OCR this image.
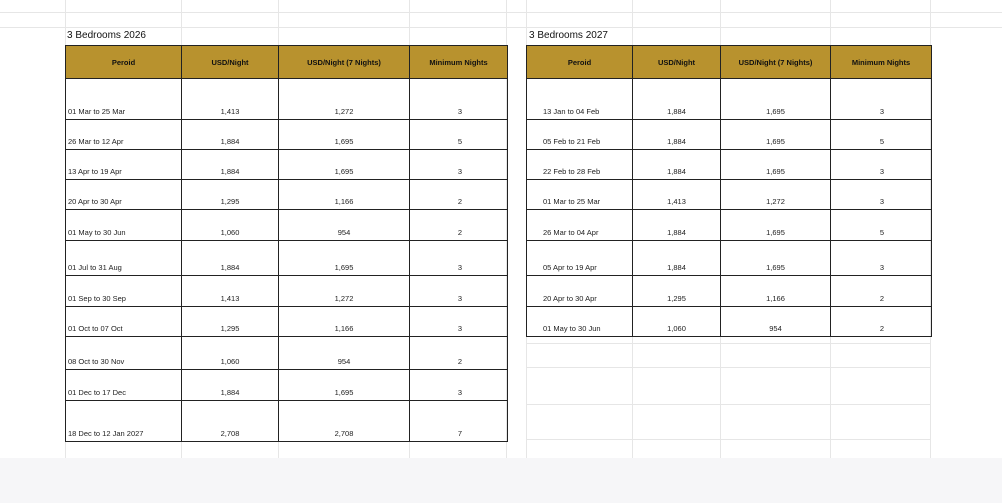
3 Bedrooms 2026	3 Bedrooms 2027
Peroid	USD/Night	USD/Night (7 Nights)	Minimum Nights
01 Mar to 25 Mar	1,413	1,272	3
26 Mar to 12 Apr	1,884	1,695	5
13 Apr to 19 Apr	1,884	1,695	3
20 Apr to 30 Apr	1,295	1,166	2
01 May to 30 Jun	1,060	954	2
01 Jul to 31 Aug	1,884	1,695	3
01 Sep to 30 Sep	1,413	1,272	3
01 Oct to 07 Oct	1,295	1,166	3
08 Oct to 30 Nov	1,060	954	2
01 Dec to 17 Dec	1,884	1,695	3
18 Dec to 12 Jan 2027	2,708	2,708	7
Peroid	USD/Night	USD/Night (7 Nights)	Minimum Nights
13 Jan to 04 Feb	1,884	1,695	3
05 Feb to 21 Feb	1,884	1,695	5
22 Feb to 28 Feb	1,884	1,695	3
01 Mar to 25 Mar	1,413	1,272	3
26 Mar to 04 Apr	1,884	1,695	5
05 Apr to 19 Apr	1,884	1,695	3
20 Apr to 30 Apr	1,295	1,166	2
01 May to 30 Jun	1,060	954	2
